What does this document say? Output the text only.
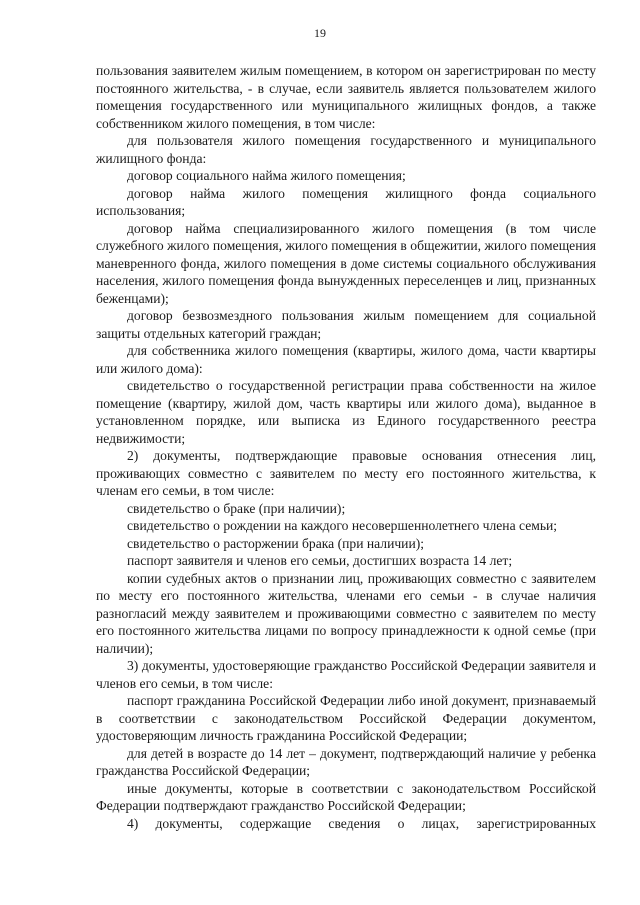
19

пользования заявителем жилым помещением, в котором он зарегистрирован по месту постоянного жительства, - в случае, если заявитель является пользователем жилого помещения государственного или муниципального жилищных фондов, а также собственником жилого помещения, в том числе:

для пользователя жилого помещения государственного и муниципального жилищного фонда:

договор социального найма жилого помещения;

договор найма жилого помещения жилищного фонда социального использования;

договор найма специализированного жилого помещения (в том числе служебного жилого помещения, жилого помещения в общежитии, жилого помещения маневренного фонда, жилого помещения в доме системы социального обслуживания населения, жилого помещения фонда вынужденных переселенцев и лиц, признанных беженцами);

договор безвозмездного пользования жилым помещением для социальной защиты отдельных категорий граждан;

для собственника жилого помещения (квартиры, жилого дома, части квартиры или жилого дома):

свидетельство о государственной регистрации права собственности на жилое помещение (квартиру, жилой дом, часть квартиры или жилого дома), выданное в установленном порядке, или выписка из Единого государственного реестра недвижимости;

2) документы, подтверждающие правовые основания отнесения лиц, проживающих совместно с заявителем по месту его постоянного жительства, к членам его семьи, в том числе:

свидетельство о браке (при наличии);

свидетельство о рождении на каждого несовершеннолетнего члена семьи;

свидетельство о расторжении брака (при наличии);

паспорт заявителя и членов его семьи, достигших возраста 14 лет;

копии судебных актов о признании лиц, проживающих совместно с заявителем по месту его постоянного жительства, членами его семьи - в случае наличия разногласий между заявителем и проживающими совместно с заявителем по месту его постоянного жительства лицами по вопросу принадлежности к одной семье (при наличии);

3) документы, удостоверяющие гражданство Российской Федерации заявителя и членов его семьи, в том числе:

паспорт гражданина Российской Федерации либо иной документ, признаваемый в соответствии с законодательством Российской Федерации документом, удостоверяющим личность гражданина Российской Федерации;

для детей в возрасте до 14 лет – документ, подтверждающий наличие у ребенка гражданства Российской Федерации;

иные документы, которые в соответствии с законодательством Российской Федерации подтверждают гражданство Российской Федерации;

4) документы, содержащие сведения о лицах, зарегистрированных
